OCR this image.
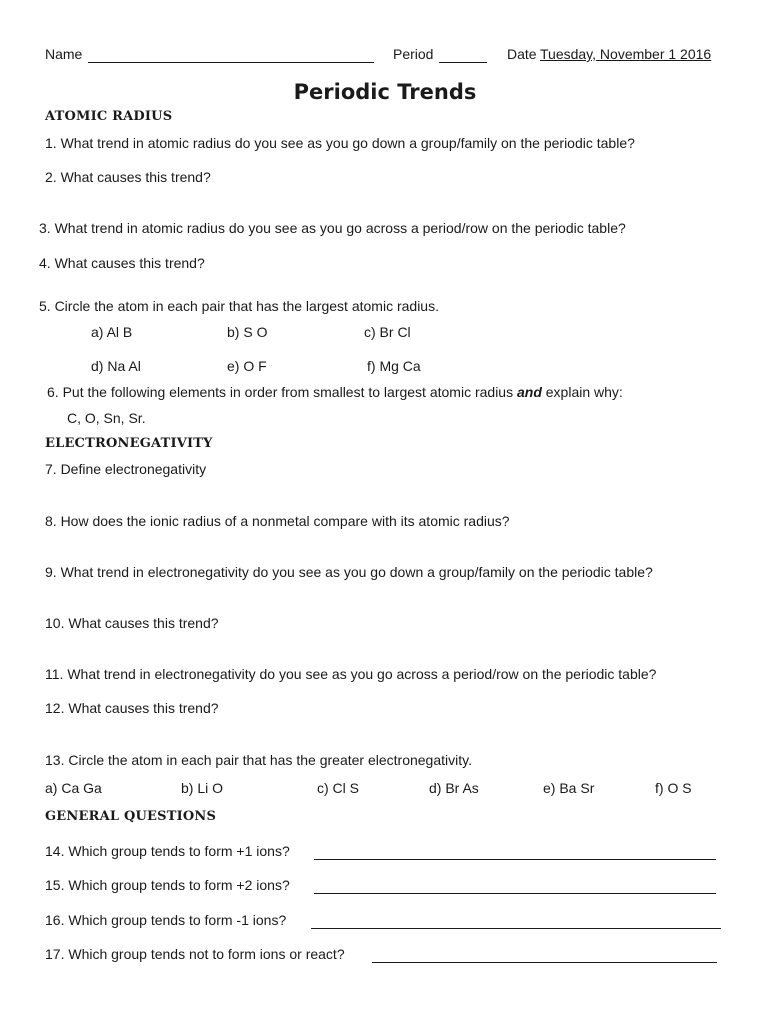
Name	Period	Date Tuesday, November 1 2016
Periodic Trends
ATOMIC RADIUS
1. What trend in atomic radius do you see as you go down a group/family on the periodic table?
2. What causes this trend?
3. What trend in atomic radius do you see as you go across a period/row on the periodic table?
4. What causes this trend?
5. Circle the atom in each pair that has the largest atomic radius.
a) Al B	b) S O	c) Br Cl
d) Na Al	e) O F	f) Mg Ca
6. Put the following elements in order from smallest to largest atomic radius and explain why:
C, O, Sn, Sr.
ELECTRONEGATIVITY
7. Define electronegativity
8. How does the ionic radius of a nonmetal compare with its atomic radius?
9. What trend in electronegativity do you see as you go down a group/family on the periodic table?
10. What causes this trend?
11. What trend in electronegativity do you see as you go across a period/row on the periodic table?
12. What causes this trend?
13. Circle the atom in each pair that has the greater electronegativity.
a) Ca Ga	b) Li O	c) Cl S	d) Br As	e) Ba Sr	f) O S
GENERAL QUESTIONS
14. Which group tends to form +1 ions?
15. Which group tends to form +2 ions?
16. Which group tends to form -1 ions?
17. Which group tends not to form ions or react?
